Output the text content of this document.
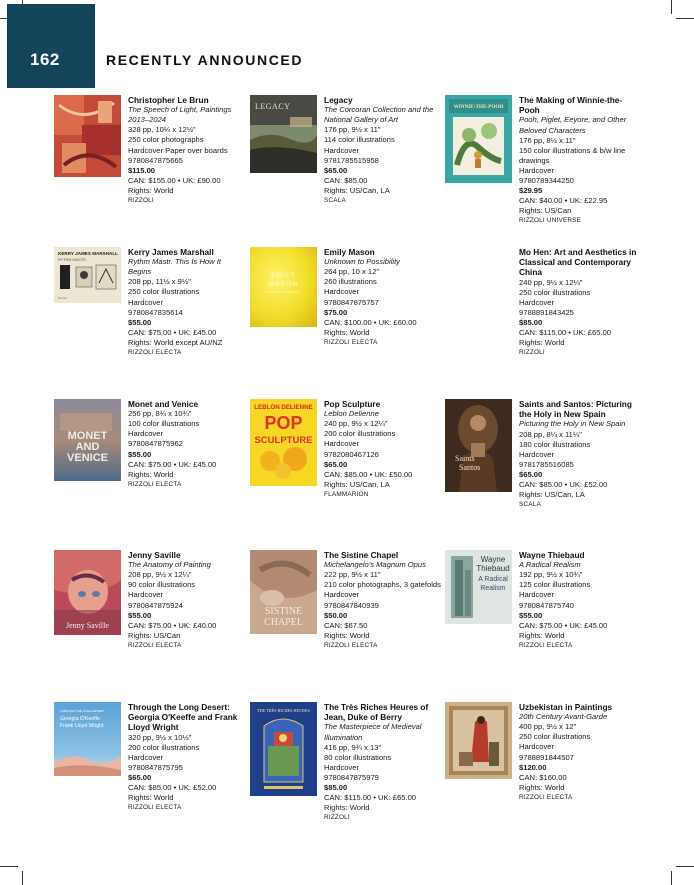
162	RECENTLY ANNOUNCED
Christopher Le Brun
The Speech of Light, Paintings 2013–2024
328 pp, 10¼ x 12½"
250 color photographs
Hardcover Paper over boards
9780847875665
$115.00
CAN: $155.00 • UK: £90.00
Rights: World
RIZZOLI
LEGACY
Legacy
The Corcoran Collection and the National Gallery of Art
176 pp, 9½ x 11"
114 color illustrations
Hardcover
9781785515958
$65.00
CAN: $85.00
Rights: US/Can, LA
SCALA
WINNIE-THE-POOH
The Making of Winnie-the-Pooh
Pooh, Piglet, Eeyore, and Other Beloved Characters
176 pp, 8½ x 11"
150 color illustrations & b/w line drawings
Hardcover
9780789344250
$29.95
CAN: $40.00 • UK: £22.95
Rights: US/Can
RIZZOLI UNIVERSE
KERRY JAMES MARSHALL
RYTHM MASTR
Rizzoli
Kerry James Marshall
Rythm Mastr. This Is How It Begins
208 pp, 11½ x 9½"
250 color illustrations
Hardcover
9780847835614
$55.00
CAN: $75.00 • UK: £45.00
Rights: World except AU/NZ
RIZZOLI ELECTA
EMILY
MASON
UNKNOWN TO POSSIBILITY
Emily Mason
Unknown to Possibility
264 pp, 10 x 12"
260 illustrations
Hardcover
9780847875757
$75.00
CAN: $100.00 • UK: £60.00
Rights: World
RIZZOLI ELECTA
Mo Hen: Art and Aesthetics in Classical and Contemporary China
240 pp, 9½ x 12¼"
250 color illustrations
Hardcover
9788891843425
$85.00
CAN: $115.00 • UK: £65.00
Rights: World
RIZZOLI
MONET
AND
VENICE
Monet and Venice
256 pp, 8¾ x 10¾"
100 color illustrations
Hardcover
9780847875962
$55.00
CAN: $75.00 • UK: £45.00
Rights: World
RIZZOLI ELECTA
LEBLON DELIENNE
POP
SCULPTURE
Pop Sculpture
Leblon Delienne
240 pp, 9½ x 12¼"
200 color illustrations
Hardcover
9782080467126
$65.00
CAN: $85.00 • UK: £50.00
Rights: US/Can, LA
FLAMMARION
Saints
Santos
Saints and Santos: Picturing the Holy in New Spain
Picturing the Holy in New Spain
208 pp, 8¼ x 11¼"
180 color illustrations
Hardcover
9781785516085
$65.00
CAN: $85.00 • UK: £52.00
Rights: US/Can, LA
SCALA
Jenny Saville
Jenny Saville
The Anatomy of Painting
208 pp, 9½ x 12¼"
90 color illustrations
Hardcover
9780847875924
$55.00
CAN: $75.00 • UK: £40.00
Rights: US/Can
RIZZOLI ELECTA
SISTINE
CHAPEL
The Sistine Chapel
Michelangelo's Magnum Opus
222 pp, 9½ x 11"
210 color photographs, 3 gatefolds
Hardcover
9780847840939
$50.00
CAN: $67.50
Rights: World
RIZZOLI ELECTA
Wayne
Thiebaud
A Radical
Realism
Wayne Thiebaud
A Radical Realism
192 pp, 9½ x 10¾"
125 color illustrations
Hardcover
9780847875740
$55.00
CAN: $75.00 • UK: £45.00
Rights: World
RIZZOLI ELECTA
THROUGH THE LONG DESERT
Georgia O'Keeffe
Frank Lloyd Wright
Through the Long Desert: Georgia O'Keeffe and Frank Lloyd Wright
320 pp, 9½ x 10½"
200 color illustrations
Hardcover
9780847875795
$65.00
CAN: $85.00 • UK: £52.00
Rights: World
RIZZOLI ELECTA
THE TRÈS RICHES HEURES The Très Riches Heures of Jean, Duke of Berry
The Masterpiece of Medieval Illumination
416 pp, 9¾ x 13"
80 color illustrations
Hardcover
9780847875979
$85.00
CAN: $115.00 • UK: £65.00
Rights: World
RIZZOLI
Uzbekistan in Paintings
20th Century Avant-Garde
400 pp, 9½ x 12"
250 color illustrations
Hardcover
9788891844507
$120.00
CAN: $160.00
Rights: World
RIZZOLI ELECTA
